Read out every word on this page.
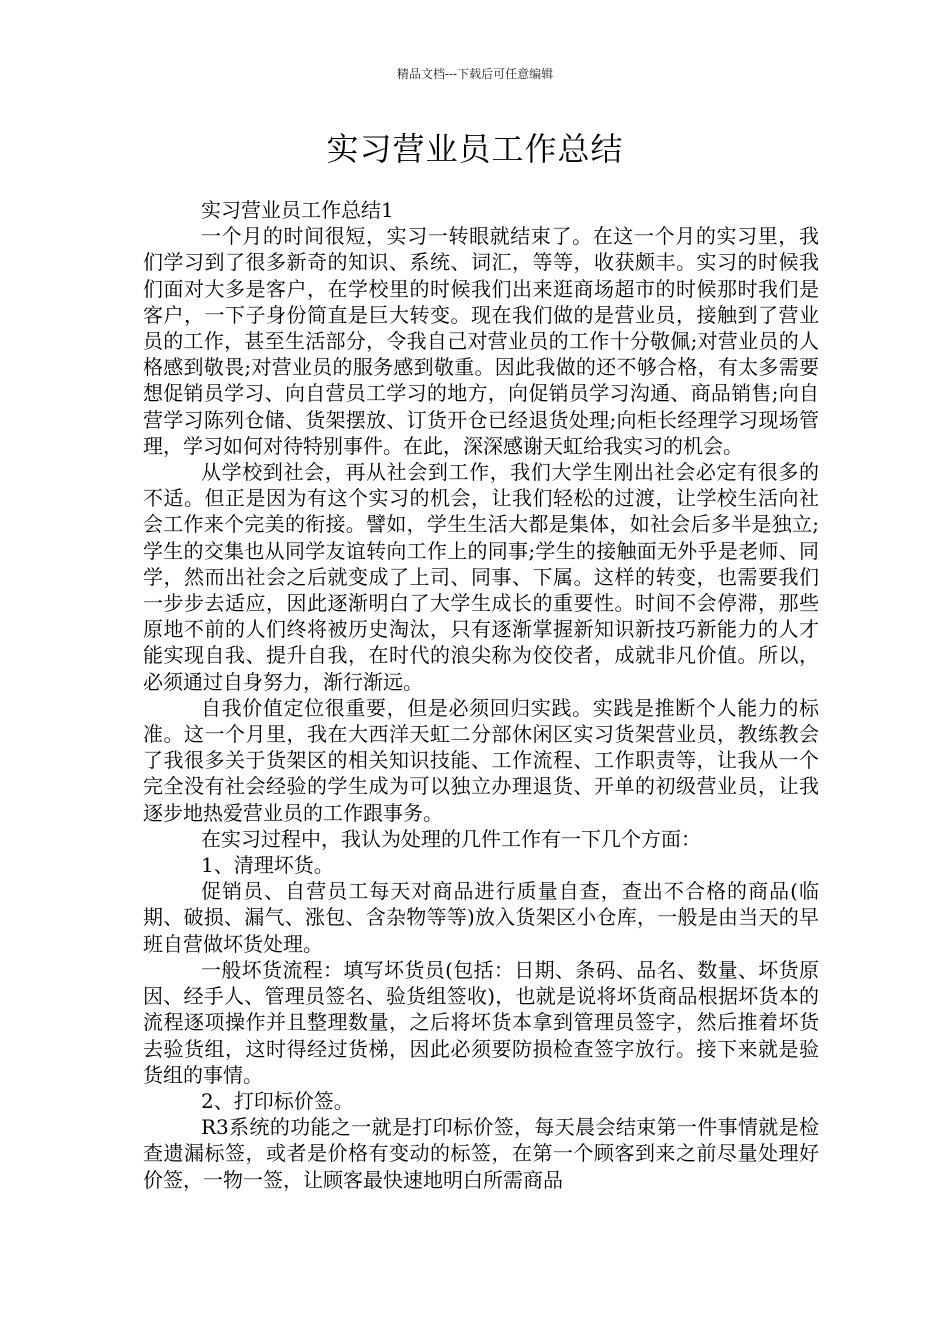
精品文档---下载后可任意编辑
实习营业员工作总结

实习营业员工作总结1

一个月的时间很短，实习一转眼就结束了。在这一个月的实习里，我们学习到了很多新奇的知识、系统、词汇，等等，收获颇丰。实习的时候我们面对大多是客户，在学校里的时候我们出来逛商场超市的时候那时我们是客户，一下子身份简直是巨大转变。现在我们做的是营业员，接触到了营业员的工作，甚至生活部分，令我自己对营业员的工作十分敬佩;对营业员的人格感到敬畏;对营业员的服务感到敬重。因此我做的还不够合格，有太多需要想促销员学习、向自营员工学习的地方，向促销员学习沟通、商品销售;向自营学习陈列仓储、货架摆放、订货开仓已经退货处理;向柜长经理学习现场管理，学习如何对待特别事件。在此，深深感谢天虹给我实习的机会。

从学校到社会，再从社会到工作，我们大学生刚出社会必定有很多的不适。但正是因为有这个实习的机会，让我们轻松的过渡，让学校生活向社会工作来个完美的衔接。譬如，学生生活大都是集体，如社会后多半是独立;学生的交集也从同学友谊转向工作上的同事;学生的接触面无外乎是老师、同学，然而出社会之后就变成了上司、同事、下属。这样的转变，也需要我们一步步去适应，因此逐渐明白了大学生成长的重要性。时间不会停滞，那些原地不前的人们终将被历史淘汰，只有逐渐掌握新知识新技巧新能力的人才能实现自我、提升自我，在时代的浪尖称为佼佼者，成就非凡价值。所以，必须通过自身努力，渐行渐远。

自我价值定位很重要，但是必须回归实践。实践是推断个人能力的标准。这一个月里，我在大西洋天虹二分部休闲区实习货架营业员，教练教会了我很多关于货架区的相关知识技能、工作流程、工作职责等，让我从一个完全没有社会经验的学生成为可以独立办理退货、开单的初级营业员，让我逐步地热爱营业员的工作跟事务。

在实习过程中，我认为处理的几件工作有一下几个方面：

1、清理坏货。

促销员、自营员工每天对商品进行质量自查，查出不合格的商品(临期、破损、漏气、涨包、含杂物等等)放入货架区小仓库，一般是由当天的早班自营做坏货处理。

一般坏货流程：填写坏货员(包括：日期、条码、品名、数量、坏货原因、经手人、管理员签名、验货组签收)，也就是说将坏货商品根据坏货本的流程逐项操作并且整理数量，之后将坏货本拿到管理员签字，然后推着坏货去验货组，这时得经过货梯，因此必须要防损检查签字放行。接下来就是验货组的事情。

2、打印标价签。

R3系统的功能之一就是打印标价签，每天晨会结束第一件事情就是检查遗漏标签，或者是价格有变动的标签，在第一个顾客到来之前尽量处理好价签，一物一签，让顾客最快速地明白所需商品
